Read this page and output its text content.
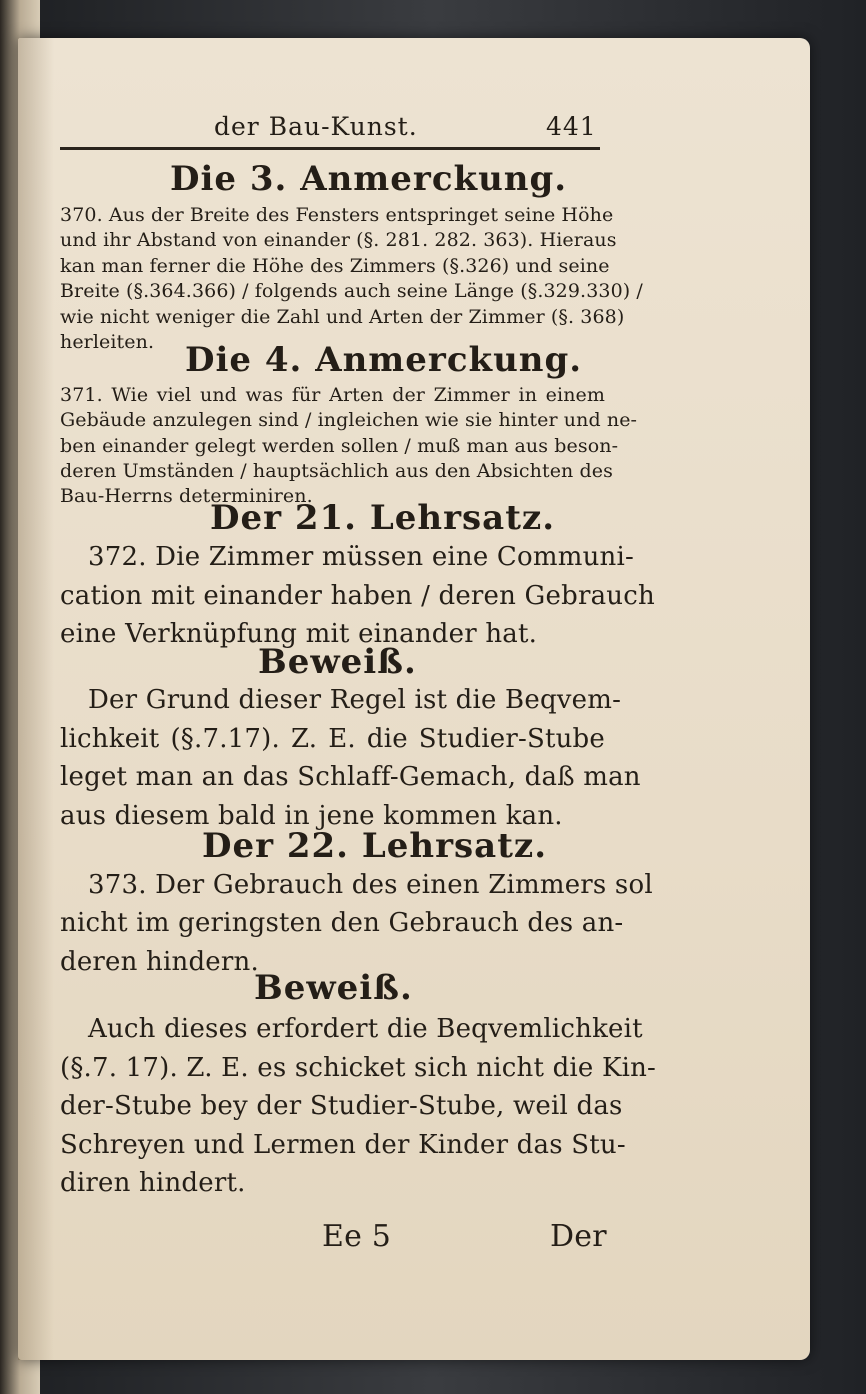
der Bau-Kunst.	441
Die 3. Anmerckung.
370. Aus der Breite des Fensters entspringet seine Höhe
und ihr Abstand von einander (§. 281. 282. 363). Hieraus
kan man ferner die Höhe des Zimmers (§.326) und seine
Breite (§.364.366) / folgends auch seine Länge (§.329.330) /
wie nicht weniger die Zahl und Arten der Zimmer (§. 368)
herleiten. Die 4. Anmerckung.
371. Wie viel und was für Arten der Zimmer in einem
Gebäude anzulegen sind / ingleichen wie sie hinter und ne-
ben einander gelegt werden sollen / muß man aus beson-
deren Umständen / hauptsächlich aus den Absichten des
Bau-Herrns determiniren.
Der 21. Lehrsatz.
372. Die Zimmer müssen eine Communi-
cation mit einander haben / deren Gebrauch
eine Verknüpfung mit einander hat.
Beweiß.
Der Grund dieser Regel ist die Beqvem-
lichkeit (§.7.17). Z. E. die Studier-Stube
leget man an das Schlaff-Gemach, daß man
aus diesem bald in jene kommen kan.
Der 22. Lehrsatz.
373. Der Gebrauch des einen Zimmers sol
nicht im geringsten den Gebrauch des an-
deren hindern.
Beweiß.
Auch dieses erfordert die Beqvemlichkeit
(§.7. 17). Z. E. es schicket sich nicht die Kin-
der-Stube bey der Studier-Stube, weil das
Schreyen und Lermen der Kinder das Stu-
diren hindert.
Ee 5	Der
